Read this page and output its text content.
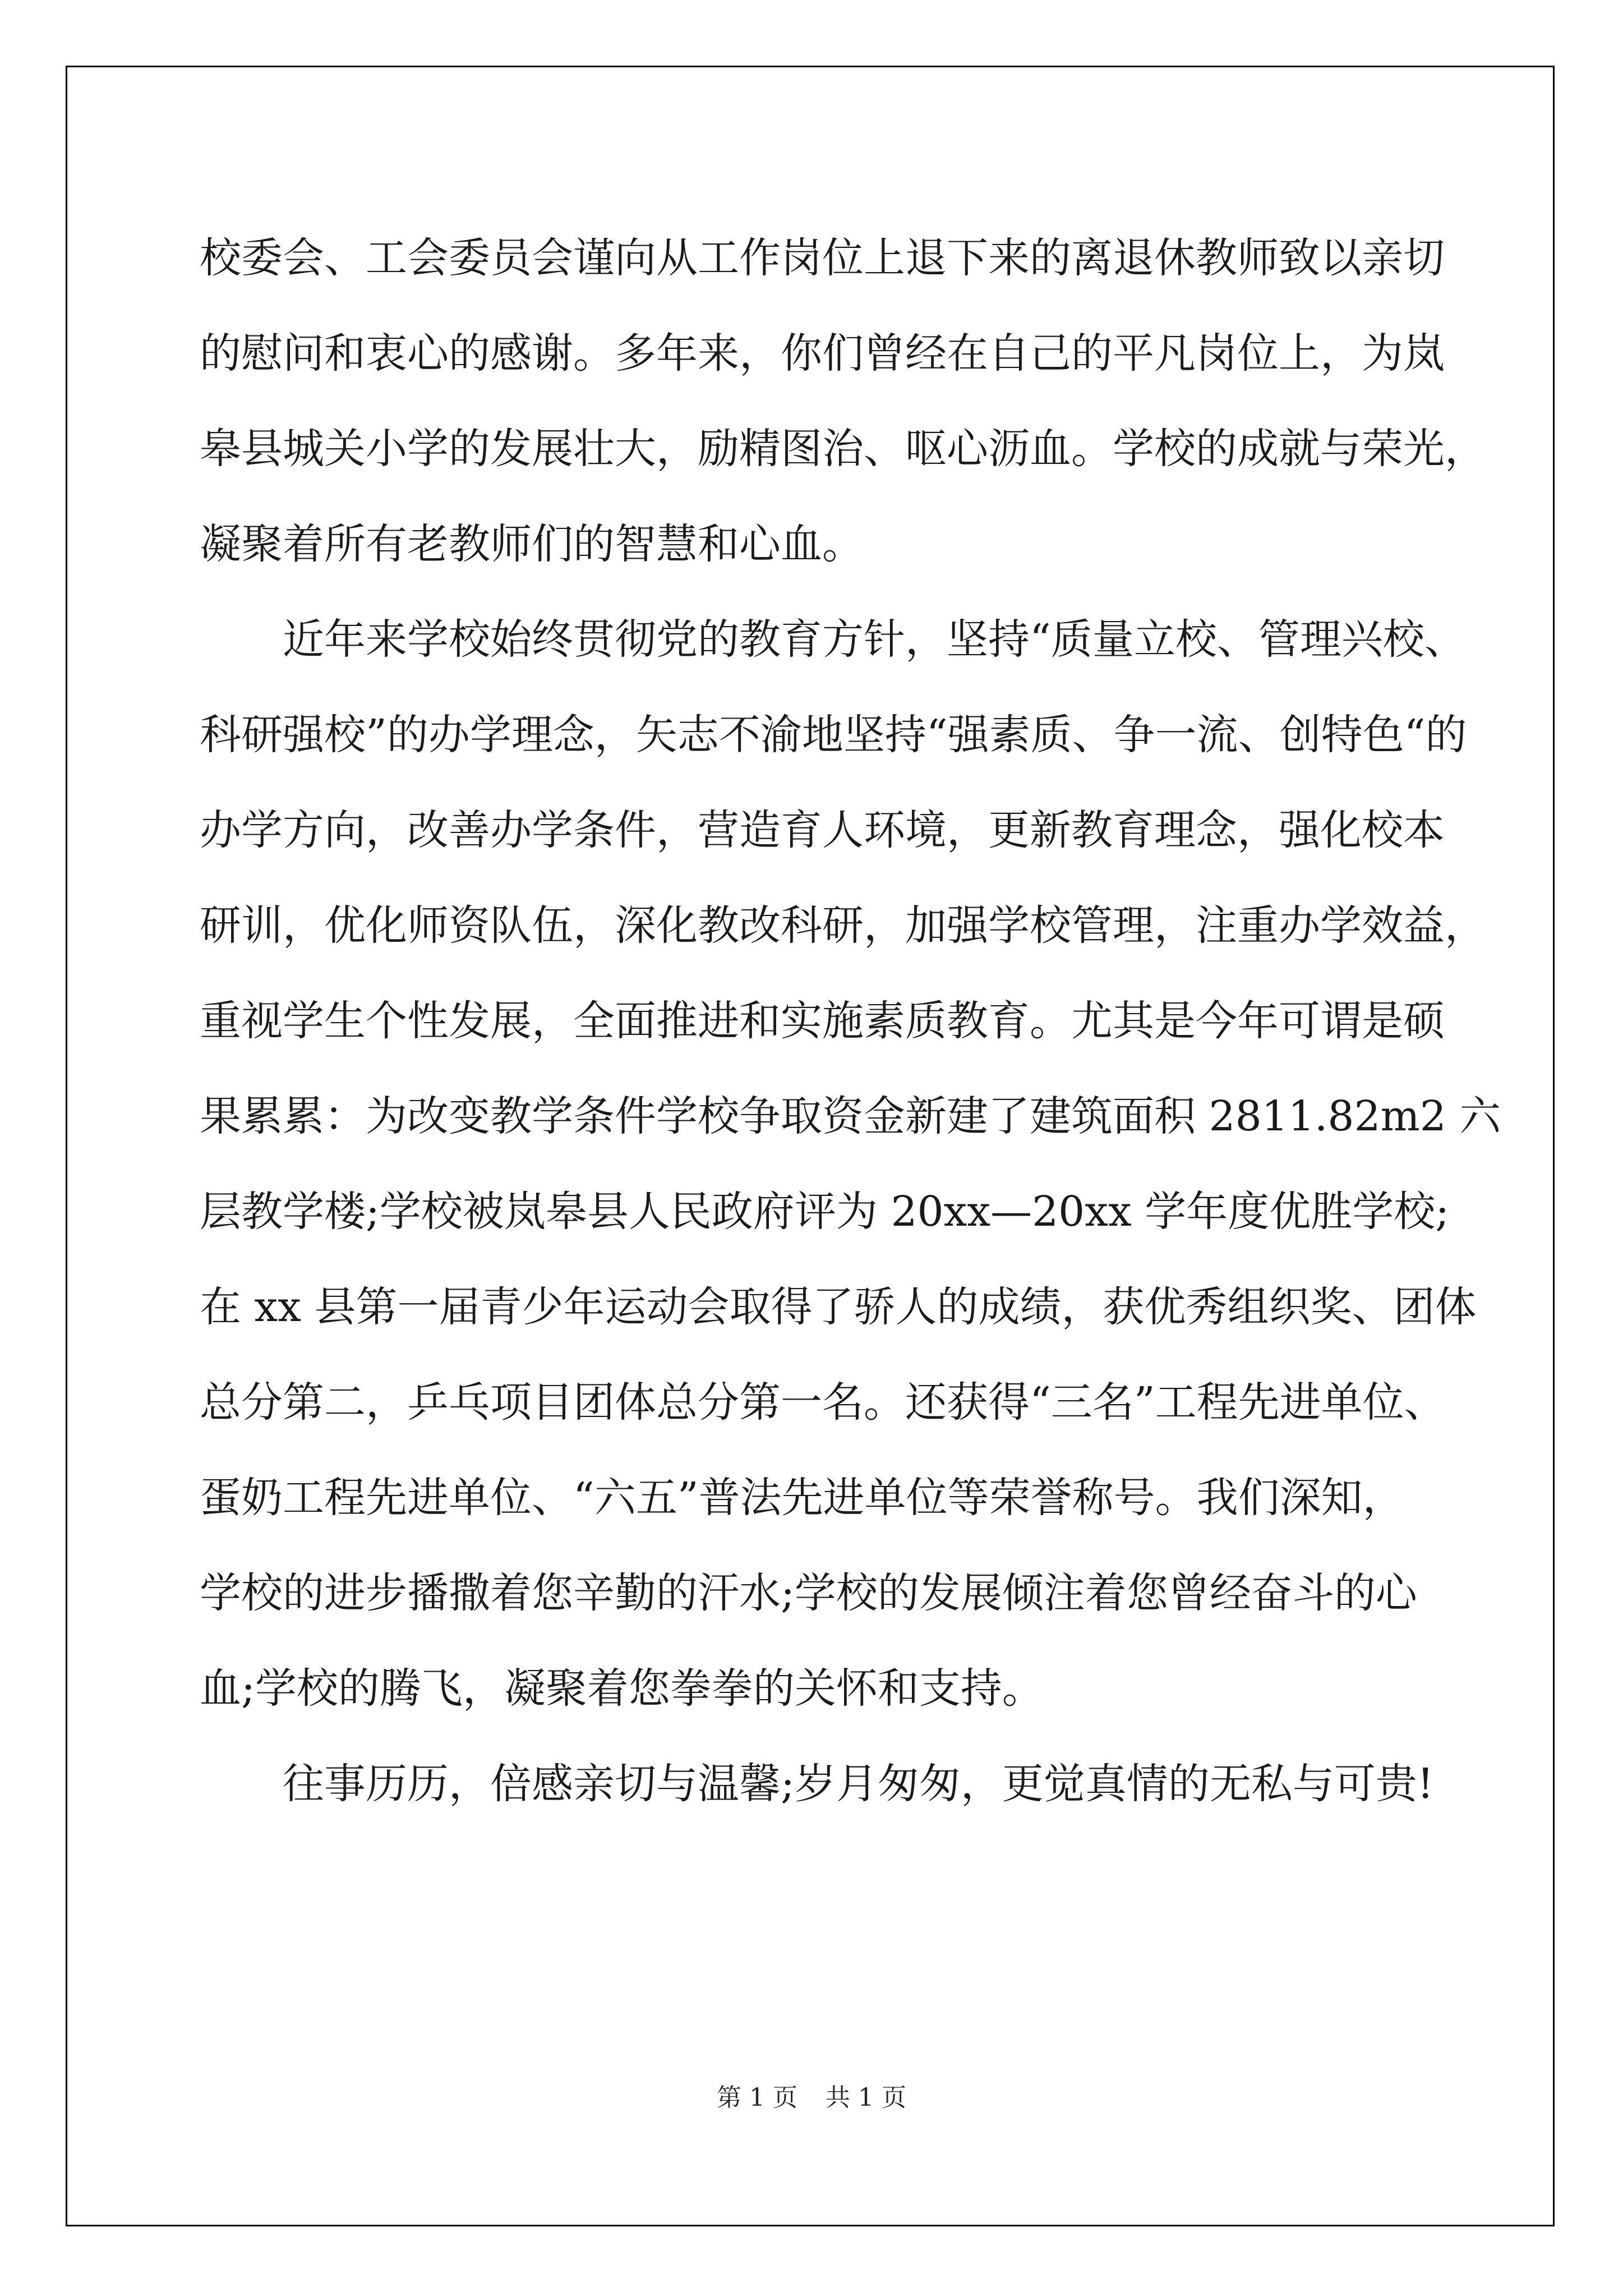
校委会、工会委员会谨向从工作岗位上退下来的离退休教师致以亲切
的慰问和衷心的感谢。多年来，你们曾经在自己的平凡岗位上，为岚
皋县城关小学的发展壮大，励精图治、呕心沥血。学校的成就与荣光，
凝聚着所有老教师们的智慧和心血。

近年来学校始终贯彻党的教育方针，坚持“质量立校、管理兴校、
科研强校”的办学理念，矢志不渝地坚持“强素质、争一流、创特色“的
办学方向，改善办学条件，营造育人环境，更新教育理念，强化校本
研训，优化师资队伍，深化教改科研，加强学校管理，注重办学效益，
重视学生个性发展，全面推进和实施素质教育。尤其是今年可谓是硕
果累累：为改变教学条件学校争取资金新建了建筑面积 2811.82m2 六
层教学楼;学校被岚皋县人民政府评为 20xx—20xx 学年度优胜学校;
在 xx 县第一届青少年运动会取得了骄人的成绩，获优秀组织奖、团体
总分第二，乒乓项目团体总分第一名。还获得“三名”工程先进单位、
蛋奶工程先进单位、“六五”普法先进单位等荣誉称号。我们深知，
学校的进步播撒着您辛勤的汗水;学校的发展倾注着您曾经奋斗的心
血;学校的腾飞，凝聚着您拳拳的关怀和支持。

往事历历，倍感亲切与温馨;岁月匆匆，更觉真情的无私与可贵!

第 1 页 共 1 页
